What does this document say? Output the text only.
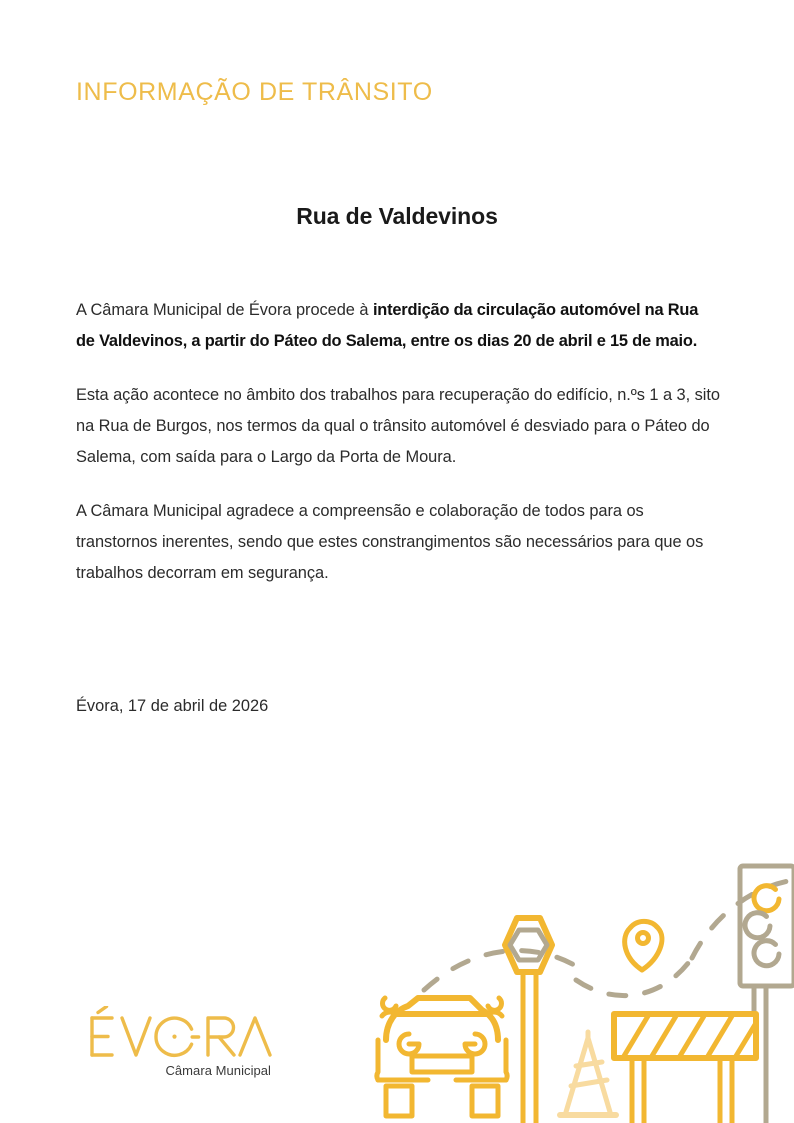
INFORMAÇÃO DE TRÂNSITO
Rua de Valdevinos

A Câmara Municipal de Évora procede à interdição da circulação automóvel na Rua de Valdevinos, a partir do Páteo do Salema, entre os dias 20 de abril e 15 de maio.

Esta ação acontece no âmbito dos trabalhos para recuperação do edifício, n.ºs 1 a 3, sito na Rua de Burgos, nos termos da qual o trânsito automóvel é desviado para o Páteo do Salema, com saída para o Largo da Porta de Moura.

A Câmara Municipal agradece a compreensão e colaboração de todos para os transtornos inerentes, sendo que estes constrangimentos são necessários para que os trabalhos decorram em segurança.

Évora, 17 de abril de 2026
Câmara Municipal
